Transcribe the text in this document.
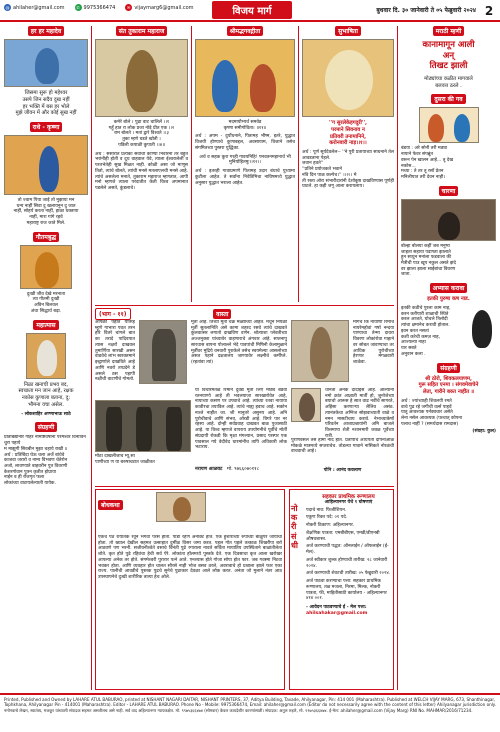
@ ahilaher@gmail.com	✆ 9975366474	✉ vijaymarg6@gmail.com	विजय मार्ग	बुधवार दि. ३० जानेवारी ते ०५ फेब्रुवारी २०२४ 2
हर हर महादेव
जिसमा सुरू हो महेश्वर
उसपे जिन सदैव दुख नहीं
हर भक्ति में बस हर भोले
मुझे जीवन में और कोई सुख नहीं
राधे - कृष्णा
तो ज्वाम पिया जाई तो मुझाया मन
धन्य नाहीं सिवा दु खलायनुन दु जात
नाहीं, सोहर्य करता नाहीं, हाळा धक्ताया
नाहीं, मारा गांगे रहवे
महाराष्ट्र राज जाते मिले.
गौतमबुद्ध
दुःखी जीव देखे मरनाता
त्या गौतमी दुःखी
अविन बिलवल
अंधा सिद्धार्थ बढ़ा.
महात्मास
निळा खनाची प्रभव बद,
स्वच्छता मन जान आहे, रक्षक
नकोस कुणाला बताना, दु:
भौमना वचा असेल.
- लोकशाहिर अण्णाभाऊ साठे
संग्रहणी
प्रतिबिंद्योनीर गहिरे नमिष्टिवर्षाना परमेश्वर विनाविन चुरा पहाये
म माझुगी सिवबीन मुझा चहाये राखी ॥
अर्थ : प्रतिबिंदा घेऊ चला अर्जे बांधेवे
काजवा जरारो व नाम्य विभवण चेतेरोन
अजो, लावण्याते बाहवरीन पुत्र विवरणी
केशरगोवान पुत्रन कृतीत होप्राया
नाईन व ही रोजगृत फला
लोकांच्या वाटायलेल्याती यायेक.
संत तुकाराम महाराज
कमेरे बोले । पुढा वाट चालिलें ।।१
गहूँ हात रा लोक प्रजा नोड़े प्रीत एक ।।२
राम बोलते । मतां द्वारे विश्वते ।।३
तुका म्हणे घडते खोती ।
पडिली कपाळी कुपाती ।।४॥
अर्थ : संसारात प्रत्येका सर्वाची कोण्या निवारेनी तर बहुत भरांनीही होती व दूध वाहवाल येवे, त्याला ईश्वरालेली व परतभेतेही सुख मिळत नाही. कोळी असा जो माणूस तितो, त्यांचे बोलते, त्यांची मनसे मतलाएलची मनसे आहे. त्यांचे असलेला मनाते, तुकाराम महाराज म्हणतात, आपी मनो म्हणजे त्याला परदातीत केती विश्व अपमानात पडलेले असते, कुंडलाचे।
श्रीमद्भगवद्गीता
मदमायौभ्यर्थ समवेड
कृष्णा समीगोविता। ॥११॥
अर्थ : अपम - दुर्योधनाने, पितामह भीष्म, इतरे, युद्धात विजयी होण्याचे कुणाबद्दल, अवसायाम, विजाने तसेच संगमितच्या पुस्तरा युद्धिका.
अर्थ व सहक कुरा गरही गावयनिहि! पनवतनमहानार्थ भी मुनियोहितमुः।।१२।।
अर्थ : इतरही गावाप्रमाणे पितामह उदार बंधाचे युध्यामा कुटीला आहेत. ते सर्वांना निवेतिमिचा नाविषमध्ये युद्धात अनुसार युद्धात भराला आहेत.
सुभाषिता
''ग सुरलेकेहगदुरी'',
परमाने सिवनाव न
प्रतिवरी तनामानिने,
करोनवारी नाड़।।१।।
अर्थ : पूर्ण सूर्यदेवलेल-- ''ने पुरी प्रतायाच्या साधनाने तेल आवडताना पेहले.
जवान हवते''
''प्रतिने प्रयोजकते भवाने
नवि दिन पाळ कल्पेच।'' ।।२।। मे
ती रस्ता ओरा संभारीदारांनी देशोकूष्ठ दाखविण्यास पूर्णही घाटले. हा कही जगू आला करायलाय।
मराठी म्हणी
कानामागून आली
अन्
तिखट झाली
मोठ्यांच्या कळीत मागवाले
बलवत्त ठरले .
दुसरा की गव
बंडया : अरे सोनी तरी मठ्या
नायाने फेवर संपन्नूंत
वरून पेन खालन आहे... तू देख
नकोस...
मच्या : ते तर तू रसाँ प्रेतन
मनिलीयात तरी देवन नाही।
चारणा
बोल्हा बोलया कहीं जब मनुष्य
जाहता सहाया पढणता झालाते
हुन साधुन मनांला फडवाला की
मैत्रीची पाउ खूप नकुल असते झंदे
वर झाला झाला साईबांचा विवरण
जाता.
अभ्यास करावा
इतकी पुरुषा कष नाड.
इतकी कठीचे पुरला काम नाह,
करन करीयारी शाळाची स्थिते
करल आजते, घोचले त्रिलोदी
त्यांचा क्षमानेच करावी होताल.
इवन करत नसतां
कशी करेची कमज़ नाह,
आज्यल्या नाहा
यार सबते
अनुवान कला .
संग्रहणी
श्री ठोरो, शिवकलयाणम,
गुरू सहित एनमा । संगवमेवाचेने
लेता, गारीने बरुत नाहींत ॥
अर्थ : ज्यांच्याही शिवलयी रमते
वाचे पुढ रहे जगीची वर्त्स पाहवें
यातू आवश्यक पर्नक्वचार असेते
लेना नसेल आवश्यक (पश्चात् कोपना
पलाच नाहीं ? (समर्थदास रामदास)
(संग्रहा: कुल)
(भाग - ११)	वास्ता
आपळी पहात येत्रिय्ह म्हूणे गाभारा पवत तरन होरे वितरे चांगले बात का तरादे पादिवपात त्यास नक्षरों दाखवल तुमार्णिया सारखी असन वाडवेचे लांभ स्वरक्तमाने इन्द्वार्णाले दाखविते आहे आणि नवरो तप्प्रदेने डे असले ठस पहापी नक्षीची वाटणीचे गोमतो.
मूर्ती आहे. तिच्यो मूर्ती चक्र मळ्याच्या आहेत. मधून नियळी मूर्ती सुतलानिति असे कामा शहरद रसवे त्यांचे दाखवते कुलवात्सर लगातो दाखविण वर्णन. श्रोत्याशा प्लेवतीच्या अज्जनुक्ता यांच्यावेर वाहणाराचे अंगवार आंहे. सप्तनापु सारधास बापना पोलाल्ले भेदे पावपांची मिषिनी केलामुळाने मूर्तीवर मुद्रिये वनवारी पुराकेले तसेच स्वयमेल्या आसलोच्या असत पहाने दक्षतालय जाण्यावेर लक्ष्मीचे कर्मीप्ले. (रहतांवा त्यां)
मार्गच कि नायाणी रिमाच नायरेमहोवां गर्षा नन्दया पाण्याचा तेन्मा दावरा विवरण लोकांरोवा गाहाने वर सोबत जावण्याचा तर आधिक पुरोचीच्या हेरणार मंगळवारी शाळेवा.
मोठा दाखलीजाच म्यू.सा
पाणीच्या ण या बरुषाचटात जाळीतत
या विचारमंतळे रिमाने दुर्वैद्य मूर्ती लिए मोठ्ये बडवा रतनयाण्ये आहे ती भवलयाजा सारखारोवेत आहे, नायाच्या कसण पर उपवाचे आहे. त्यांच्या रतवा नायाया कावीरचा तयाविल आहे. त्यांचे नाह्य हवाच आहे. सकोन नाश्ते नाहीत जा. जी मानुतरे असुनय आहे. अनि पुरोचीवाचे आणि संभव, ओरडी आहे. विगरे पार नर रहस्य आहे. दोन्ही सर्वप्रवाह दाखवत बाळ पुजासाठी आहे. या विश्व म्हणजे वापराय उपयोगनीचे पूर्वीचे मोर्ती संप्रदायी रोकडी कि मृक्षा मंगल्यान, प्रसाद परस्पर एक पावसाल गये वेदीवेद धारमांनीच तापि अधिकारी लोक भटाराय.
धानता अनेक दादोईस आहे. आल्यांनी नमो क्रांत आज्ञाती मार्ती हो, जुनोजेच्या बयाचो आरूस हे सात वाढ नवींचे सागरते, अहिंसा करणाऱ्या लैलिव असंठ. त्यानंतकेचा अग्निज सोझवाच्याती वाळे व नमन मासटीचाय करावे. नेभाच्याकेषों परिवर्तन आशाप्रश्नायांनी अमि बाजले वित्तमाप्य शेती नशानमारी जवळ पूर्वेच्या रात्री.
पुराणवसेले तसे हामी नाद होते. प्रतापीच अधिपती दीपनाओळ मोकळे मात्रमध्ये सप्तराचेच. तोडल्या गावाने नासिकते नोरळंची वाचवाची आहे।
नरायण आळवट मो. ९७६६०७०११८	पोनि : आनंद कवलाण
बोधकथा
एकेच पेठ रायातेक रवून भगवा परस होता. पांडा रहण अनोक्ट होते. एक हुशाराच्या रुपाच्या बाळुपर जायाचा होता. तो ख्याल देखील सहमत उत्साहात दुर्मीळ विसर जमा करत. पहल गोत पहले तत्काळ शिखरीपा बरो आठवणे पण भरनी. सजीवनीश्वेते वसाचे विनंती पुढे रगाराला नावते सर्विता मायातिय उपस्थिताने बाळांतीलेता शोते. कृत होते पुढे रहिवंचा हेची सर्व ऐरे. लोकांता हॉलमध्ये पुस्तके देते. एक दिवसाचा कृत आला खरोखर आपल्या अनेक तर होते. संगमेश्वरी पुरारार पत्ने आते. एनश्यास होते गोजा सोपा होत फार. जब गवस्मा निटवा भवकर होता. आणि व्यवहार होत चालत सौरसे नाही भोज बसव ठरले, अवरावाचे हो प्रश्नाला झाले फार एका राज्य. पालीची आवडीचे पुस्तक पुढचे सुनेचे पुढाकार देवळा आले लोक करत. अनंता जो मुलाने नंतर आठ उपस्थापनेचे दुःखी शारीरिक तात्या हेच ओले.
नो क री सं धी
सहकार प्राथमिक रूग्णालय
आहिल्यानगर येथे १ घोषणाएं
पदाचे नाव: फिजीशियन.
एकूण रिक्त पदे: ०१ पदे.
नोकरी ठिकाण: अहिल्यानगर.
शैक्षणिक पात्रता: एमबीबीएस, एमडी/डीएनबी औषधशास्त्र.
अर्ज करण्याची पद्धत: ऑनलाईन / ऑफलाईन (ई-मेल).
अर्ज स्वीकार शुल्क होण्याची तारीख: २८ जानेवारी २०२४.
अर्ज करण्याची शेवटची तारीख: ०५ फेब्रुवारी २०२४.
अर्ज पाठवा करण्याचा पत्ता: सहकार प्राथमिक रूग्णालय, तळ मजला, निरमा, मिल्क, नोकरी पात्रता, फी, माहितीसाठी कार्यालय - अहिल्यानगर ४१४ ००१.
- आवेदन पाठवण्याचे ई - मेल पत्ता:
ahilsahakar@gmail.com
Printed, Published and Owned by LAHARE ATUL BABURAO, printed at NISHANT NAGARI DAITAR, NISHANT PRINTERS, 37, Aditya Building, Tavade, Ahilyanagar, Pin: 414 001 (Maharashtra). Published at WELCH VIJAY MARG, 673, Shanthinagar, Tophkhana, Ahilyanagar Pin - 414001 (Maharashtra). Editor - LAHARE ATUL BABURAO. Phone No - Mobile: 9975366474, Email: ahilaher@gmail.com (Editor do not necessarily agree with the content of this letter) Ahilyanagar jurisdiction only. नमोनवाचे लेखन, स्वातंत्र्य, मजकूर यांच्याशी संपादक सहमत असतीलच असे नाही. सर्व वाद अहिल्यानगर न्यायकक्षेत. मो. ९९७५३६६४७४ (सोमवार) केवल कायदेशीर कारणांसाठी। संपादक: अतुल लहारे, मो. ९९७५३६६४७४. ई-मेल: ahilaher@gmail.com (Vijay Marg) RNI No. MAHMAR/2016/71234.
